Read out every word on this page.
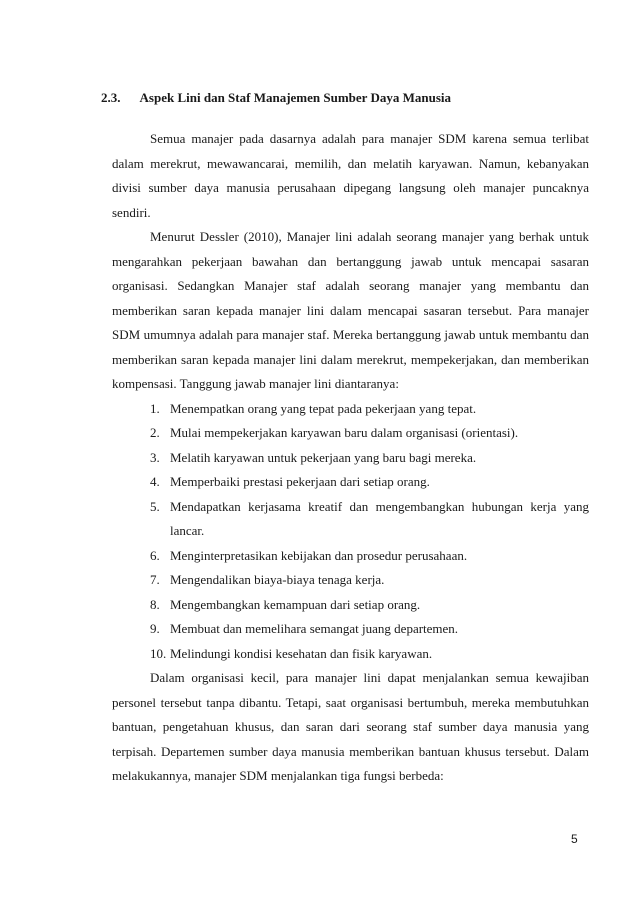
2.3. Aspek Lini dan Staf Manajemen Sumber Daya Manusia

Semua manajer pada dasarnya adalah para manajer SDM karena semua terlibat dalam merekrut, mewawancarai, memilih, dan melatih karyawan. Namun, kebanyakan divisi sumber daya manusia perusahaan dipegang langsung oleh manajer puncaknya sendiri.

Menurut Dessler (2010), Manajer lini adalah seorang manajer yang berhak untuk mengarahkan pekerjaan bawahan dan bertanggung jawab untuk mencapai sasaran organisasi. Sedangkan Manajer staf adalah seorang manajer yang membantu dan memberikan saran kepada manajer lini dalam mencapai sasaran tersebut. Para manajer SDM umumnya adalah para manajer staf. Mereka bertanggung jawab untuk membantu dan memberikan saran kepada manajer lini dalam merekrut, mempekerjakan, dan memberikan kompensasi. Tanggung jawab manajer lini diantaranya:

1. Menempatkan orang yang tepat pada pekerjaan yang tepat.
2. Mulai mempekerjakan karyawan baru dalam organisasi (orientasi).
3. Melatih karyawan untuk pekerjaan yang baru bagi mereka.
4. Memperbaiki prestasi pekerjaan dari setiap orang.
5. Mendapatkan kerjasama kreatif dan mengembangkan hubungan kerja yang lancar.
6. Menginterpretasikan kebijakan dan prosedur perusahaan.
7. Mengendalikan biaya-biaya tenaga kerja.
8. Mengembangkan kemampuan dari setiap orang.
9. Membuat dan memelihara semangat juang departemen.
10. Melindungi kondisi kesehatan dan fisik karyawan.

Dalam organisasi kecil, para manajer lini dapat menjalankan semua kewajiban personel tersebut tanpa dibantu. Tetapi, saat organisasi bertumbuh, mereka membutuhkan bantuan, pengetahuan khusus, dan saran dari seorang staf sumber daya manusia yang terpisah. Departemen sumber daya manusia memberikan bantuan khusus tersebut. Dalam melakukannya, manajer SDM menjalankan tiga fungsi berbeda:

5
